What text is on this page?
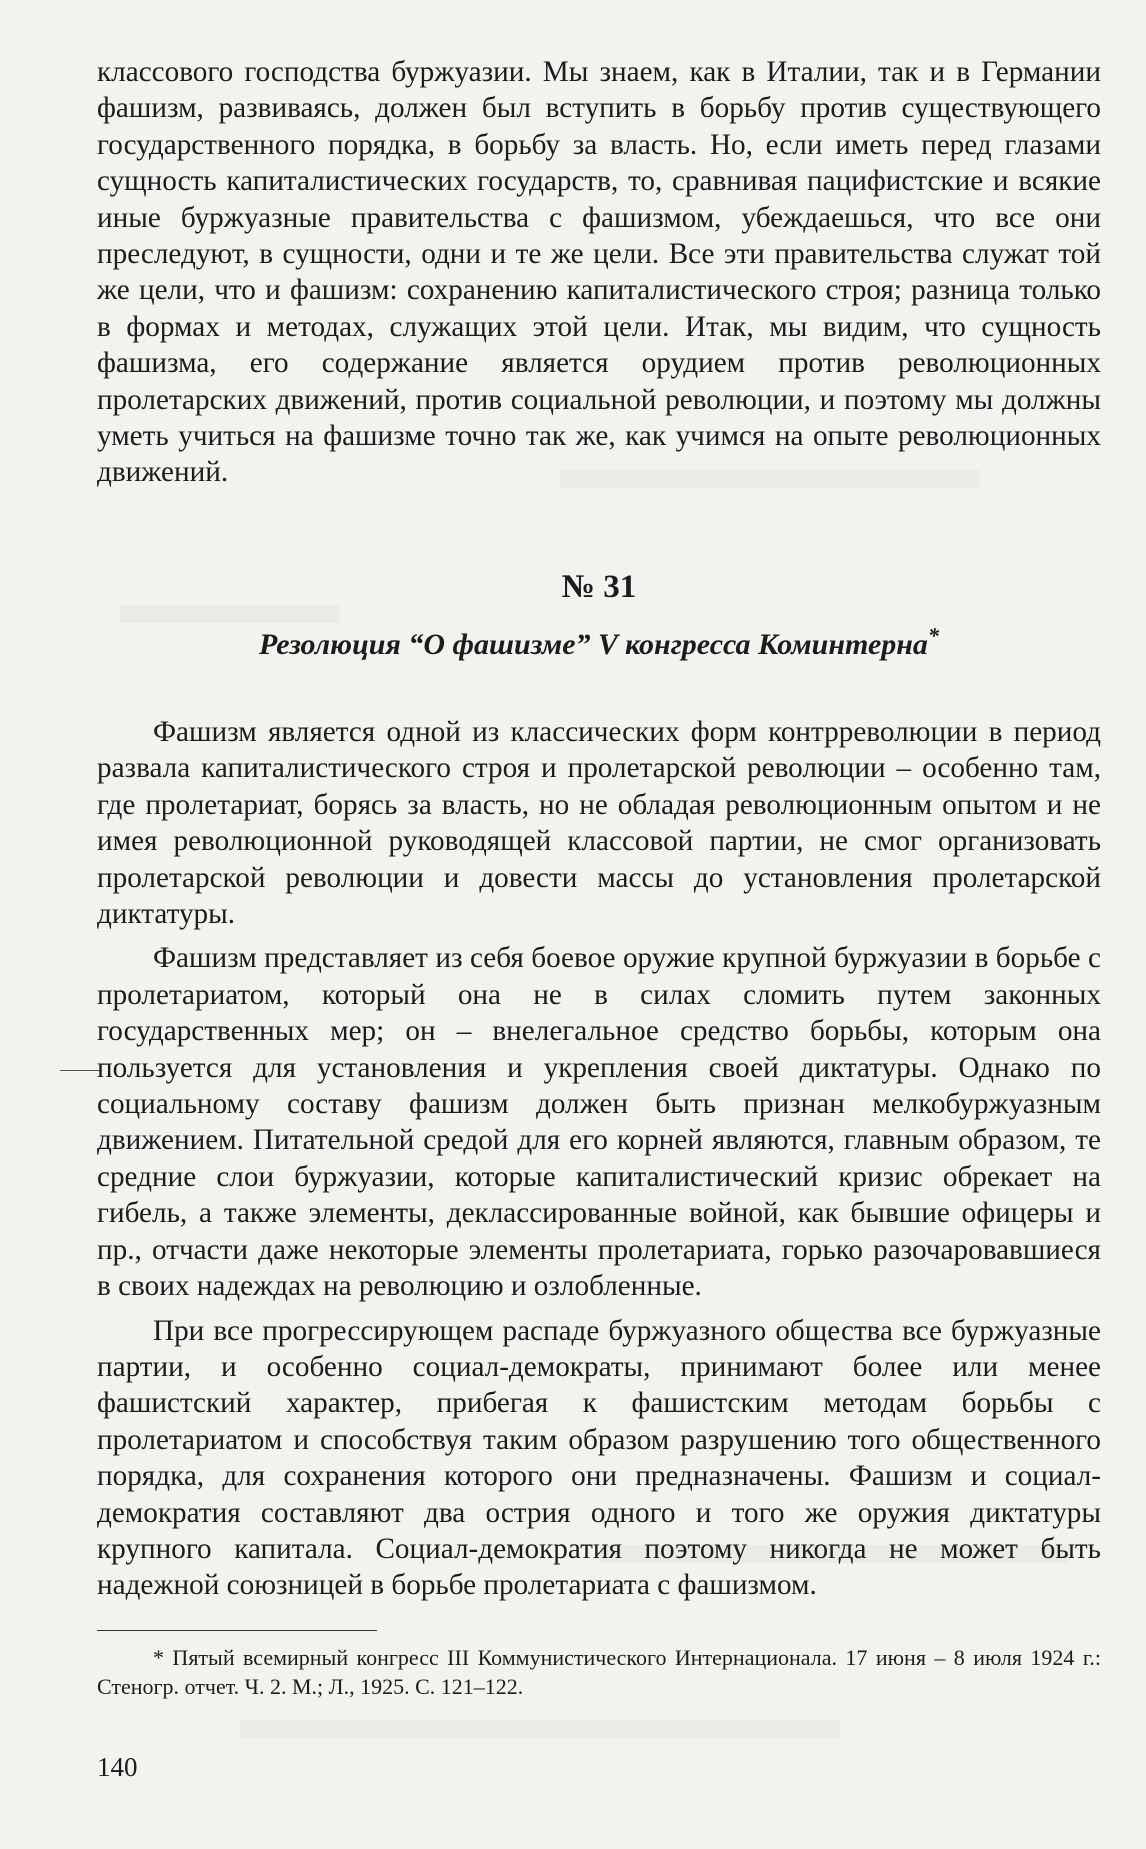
классового господства буржуазии. Мы знаем, как в Италии, так и в Германии фашизм, развиваясь, должен был вступить в борьбу против существующего государственного порядка, в борьбу за власть. Но, если иметь перед глазами сущность капиталистических государств, то, сравнивая пацифистские и всякие иные буржуазные правительства с фашизмом, убеждаешься, что все они преследуют, в сущности, одни и те же цели. Все эти правительства служат той же цели, что и фашизм: сохранению капиталистического строя; разница только в формах и методах, служащих этой цели. Итак, мы видим, что сущность фашизма, его содержание является орудием против революционных пролетарских движений, против социальной революции, и поэтому мы должны уметь учиться на фашизме точно так же, как учимся на опыте революционных движений.

№ 31
Резолюция “О фашизме” V конгресса Коминтерна*

Фашизм является одной из классических форм контрреволюции в период развала капиталистического строя и пролетарской революции – особенно там, где пролетариат, борясь за власть, но не обладая революционным опытом и не имея революционной руководящей классовой партии, не смог организовать пролетарской революции и довести массы до установления пролетарской диктатуры.

Фашизм представляет из себя боевое оружие крупной буржуазии в борьбе с пролетариатом, который она не в силах сломить путем законных государственных мер; он – внелегальное средство борьбы, которым она пользуется для установления и укрепления своей диктатуры. Однако по социальному составу фашизм должен быть признан мелкобуржуазным движением. Питательной средой для его корней являются, главным образом, те средние слои буржуазии, которые капиталистический кризис обрекает на гибель, а также элементы, деклассированные войной, как бывшие офицеры и пр., отчасти даже некоторые элементы пролетариата, горько разочаровавшиеся в своих надеждах на революцию и озлобленные.

При все прогрессирующем распаде буржуазного общества все буржуазные партии, и особенно социал-демократы, принимают более или менее фашистский характер, прибегая к фашистским методам борьбы с пролетариатом и способствуя таким образом разрушению того общественного порядка, для сохранения которого они предназначены. Фашизм и социал-демократия составляют два острия одного и того же оружия диктатуры крупного капитала. Социал-демократия поэтому никогда не может быть надежной союзницей в борьбе пролетариата с фашизмом.

* Пятый всемирный конгресс III Коммунистического Интернационала. 17 июня – 8 июля 1924 г.: Стеногр. отчет. Ч. 2. М.; Л., 1925. С. 121–122.

140
